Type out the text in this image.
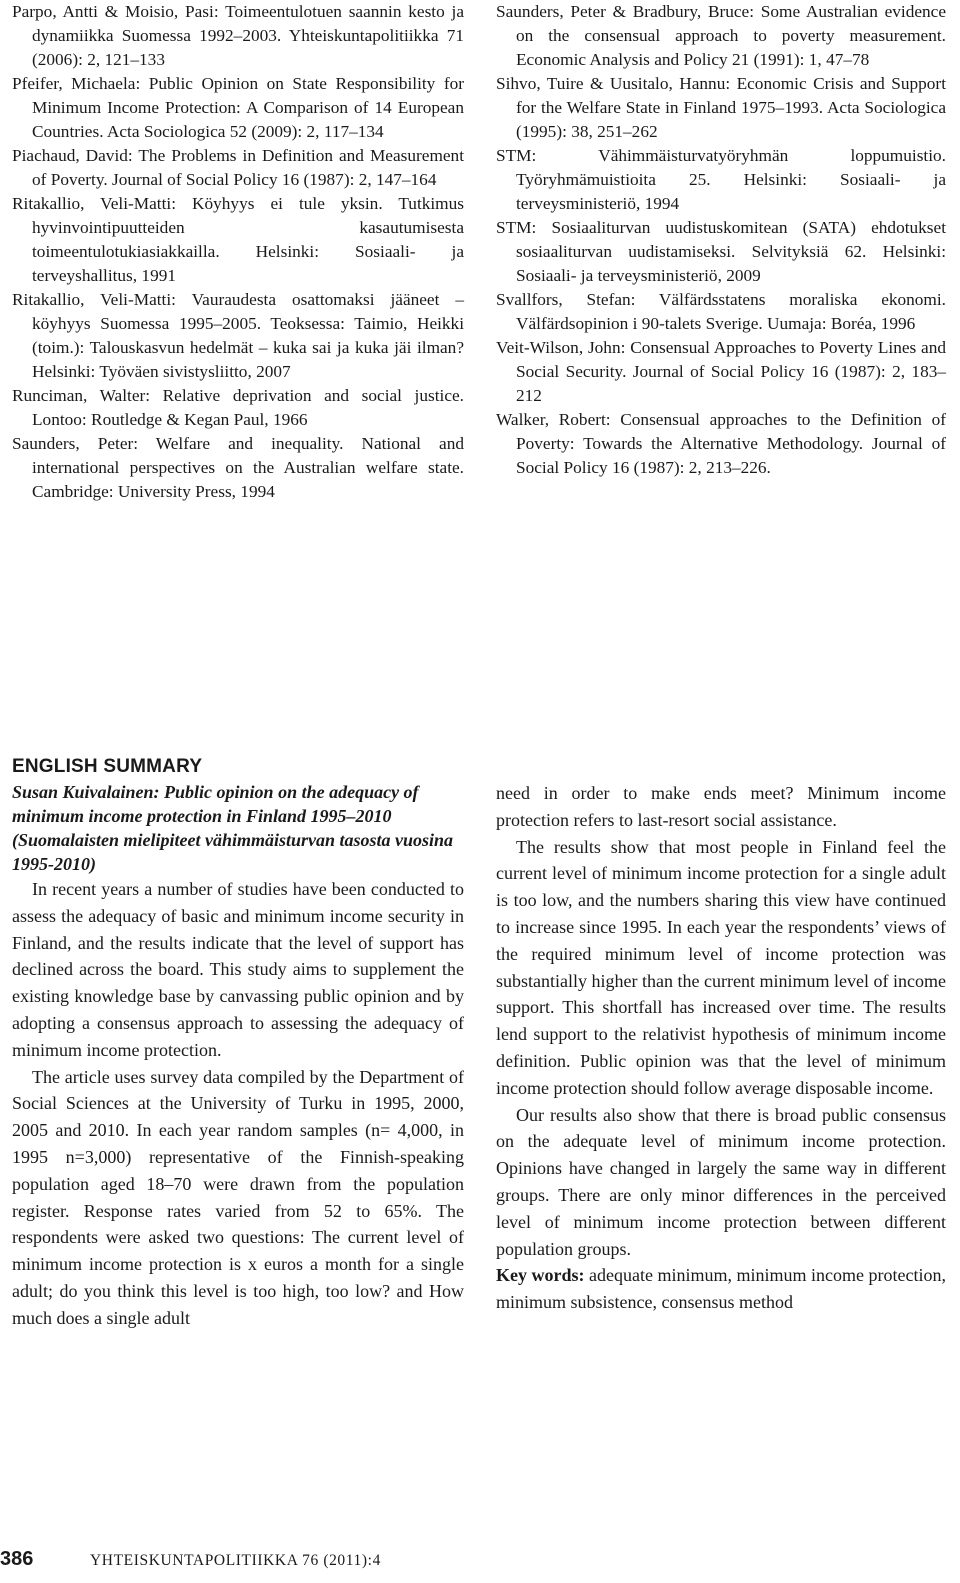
Parpo, Antti & Moisio, Pasi: Toimeentulotuen saannin kesto ja dynamiikka Suomessa 1992–2003. Yhteiskuntapolitiikka 71 (2006): 2, 121–133

Pfeifer, Michaela: Public Opinion on State Responsibility for Minimum Income Protection: A Comparison of 14 European Countries. Acta Sociologica 52 (2009): 2, 117–134

Piachaud, David: The Problems in Definition and Measurement of Poverty. Journal of Social Policy 16 (1987): 2, 147–164

Ritakallio, Veli-Matti: Köyhyys ei tule yksin. Tutkimus hyvinvointipuutteiden kasautumisesta toimeentulotukiasiakkailla. Helsinki: Sosiaali- ja terveyshallitus, 1991

Ritakallio, Veli-Matti: Vauraudesta osattomaksi jääneet – köyhyys Suomessa 1995–2005. Teoksessa: Taimio, Heikki (toim.): Talouskasvun hedelmät – kuka sai ja kuka jäi ilman? Helsinki: Työväen sivistysliitto, 2007

Runciman, Walter: Relative deprivation and social justice. Lontoo: Routledge & Kegan Paul, 1966

Saunders, Peter: Welfare and inequality. National and international perspectives on the Australian welfare state. Cambridge: University Press, 1994

Saunders, Peter & Bradbury, Bruce: Some Australian evidence on the consensual approach to poverty measurement. Economic Analysis and Policy 21 (1991): 1, 47–78

Sihvo, Tuire & Uusitalo, Hannu: Economic Crisis and Support for the Welfare State in Finland 1975–1993. Acta Sociologica (1995): 38, 251–262

STM: Vähimmäisturvatyöryhmän loppumuistio. Työryhmämuistioita 25. Helsinki: Sosiaali- ja terveysministeriö, 1994

STM: Sosiaaliturvan uudistuskomitean (SATA) ehdotukset sosiaaliturvan uudistamiseksi. Selvityksiä 62. Helsinki: Sosiaali- ja terveysministeriö, 2009

Svallfors, Stefan: Välfärdsstatens moraliska ekonomi. Välfärdsopinion i 90-talets Sverige. Uumaja: Boréa, 1996

Veit-Wilson, John: Consensual Approaches to Poverty Lines and Social Security. Journal of Social Policy 16 (1987): 2, 183–212

Walker, Robert: Consensual approaches to the Definition of Poverty: Towards the Alternative Methodology. Journal of Social Policy 16 (1987): 2, 213–226.

ENGLISH SUMMARY

Susan Kuivalainen: Public opinion on the adequacy of minimum income protection in Finland 1995–2010 (Suomalaisten mielipiteet vähimmäisturvan tasosta vuosina 1995-2010)

In recent years a number of studies have been conducted to assess the adequacy of basic and minimum income security in Finland, and the results indicate that the level of support has declined across the board. This study aims to supplement the existing knowledge base by canvassing public opinion and by adopting a consensus approach to assessing the adequacy of minimum income protection.

The article uses survey data compiled by the Department of Social Sciences at the University of Turku in 1995, 2000, 2005 and 2010. In each year random samples (n= 4,000, in 1995 n=3,000) representative of the Finnish-speaking population aged 18–70 were drawn from the population register. Response rates varied from 52 to 65%. The respondents were asked two questions: The current level of minimum income protection is x euros a month for a single adult; do you think this level is too high, too low? and How much does a single adult

need in order to make ends meet? Minimum income protection refers to last-resort social assistance.

The results show that most people in Finland feel the current level of minimum income protection for a single adult is too low, and the numbers sharing this view have continued to increase since 1995. In each year the respondents’ views of the required minimum level of income protection was substantially higher than the current minimum level of income support. This shortfall has increased over time. The results lend support to the relativist hypothesis of minimum income definition. Public opinion was that the level of minimum income protection should follow average disposable income.

Our results also show that there is broad public consensus on the adequate level of minimum income protection. Opinions have changed in largely the same way in different groups. There are only minor differences in the perceived level of minimum income protection between different population groups.

Key words: adequate minimum, minimum income protection, minimum subsistence, consensus method

386	YHTEISKUNTAPOLITIIKKA 76 (2011):4
